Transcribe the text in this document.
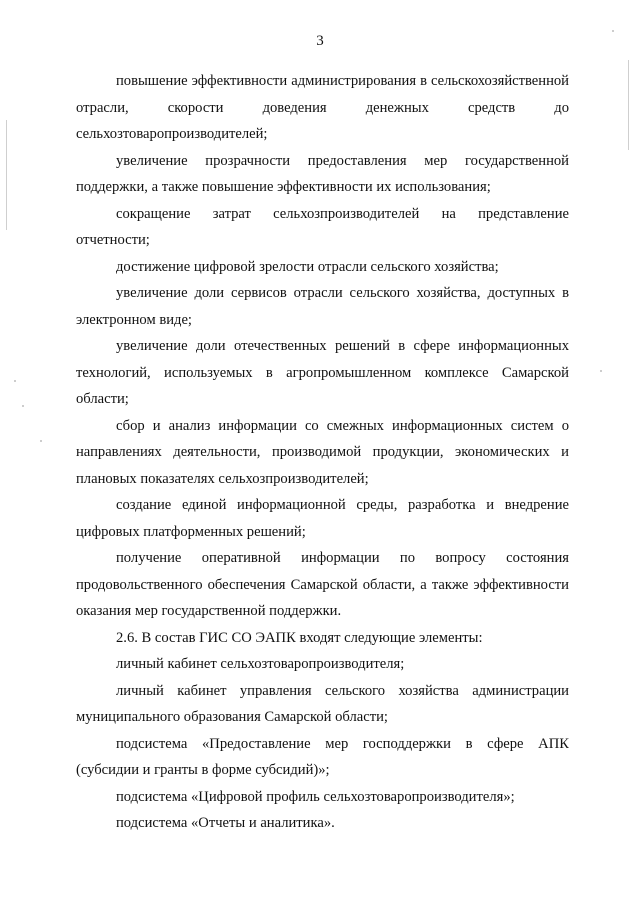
3

повышение эффективности администрирования в сельскохозяйственной отрасли, скорости доведения денежных средств до сельхозтоваропроизводителей;

увеличение прозрачности предоставления мер государственной поддержки, а также повышение эффективности их использования;

сокращение затрат сельхозпроизводителей на представление отчетности;

достижение цифровой зрелости отрасли сельского хозяйства;

увеличение доли сервисов отрасли сельского хозяйства, доступных в электронном виде;

увеличение доли отечественных решений в сфере информационных технологий, используемых в агропромышленном комплексе Самарской области;

сбор и анализ информации со смежных информационных систем о направлениях деятельности, производимой продукции, экономических и плановых показателях сельхозпроизводителей;

создание единой информационной среды, разработка и внедрение цифровых платформенных решений;

получение оперативной информации по вопросу состояния продовольственного обеспечения Самарской области, а также эффективности оказания мер государственной поддержки.

2.6. В состав ГИС СО ЭАПК входят следующие элементы:

личный кабинет сельхозтоваропроизводителя;

личный кабинет управления сельского хозяйства администрации муниципального образования Самарской области;

подсистема «Предоставление мер господдержки в сфере АПК (субсидии и гранты в форме субсидий)»;

подсистема «Цифровой профиль сельхозтоваропроизводителя»;

подсистема «Отчеты и аналитика».
